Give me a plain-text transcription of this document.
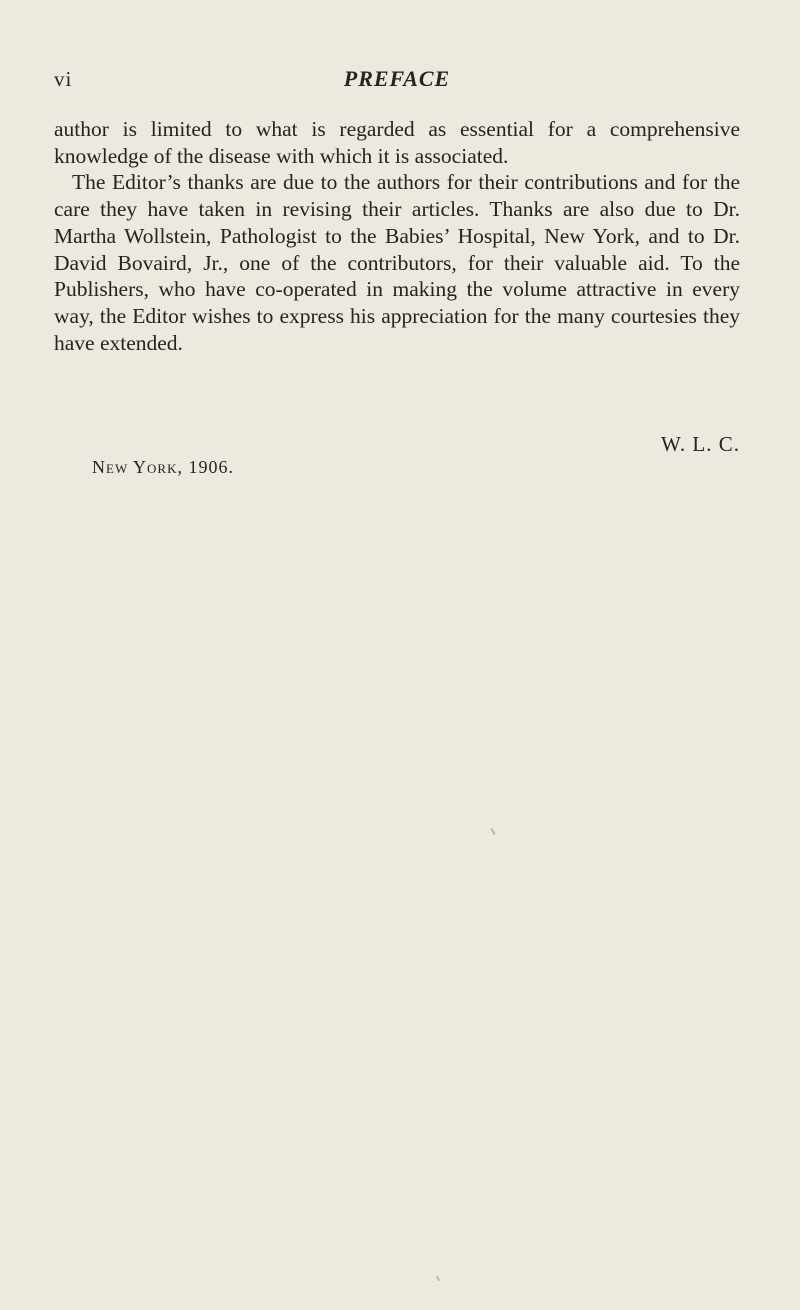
vi	PREFACE

author is limited to what is regarded as essential for a comprehensive knowledge of the disease with which it is associated.

The Editor’s thanks are due to the authors for their contributions and for the care they have taken in revising their articles. Thanks are also due to Dr. Martha Wollstein, Pathologist to the Babies’ Hospital, New York, and to Dr. David Bovaird, Jr., one of the contributors, for their valuable aid. To the Publishers, who have co-operated in making the volume attractive in every way, the Editor wishes to express his appreciation for the many courtesies they have extended.

W. L. C.
New York, 1906.
